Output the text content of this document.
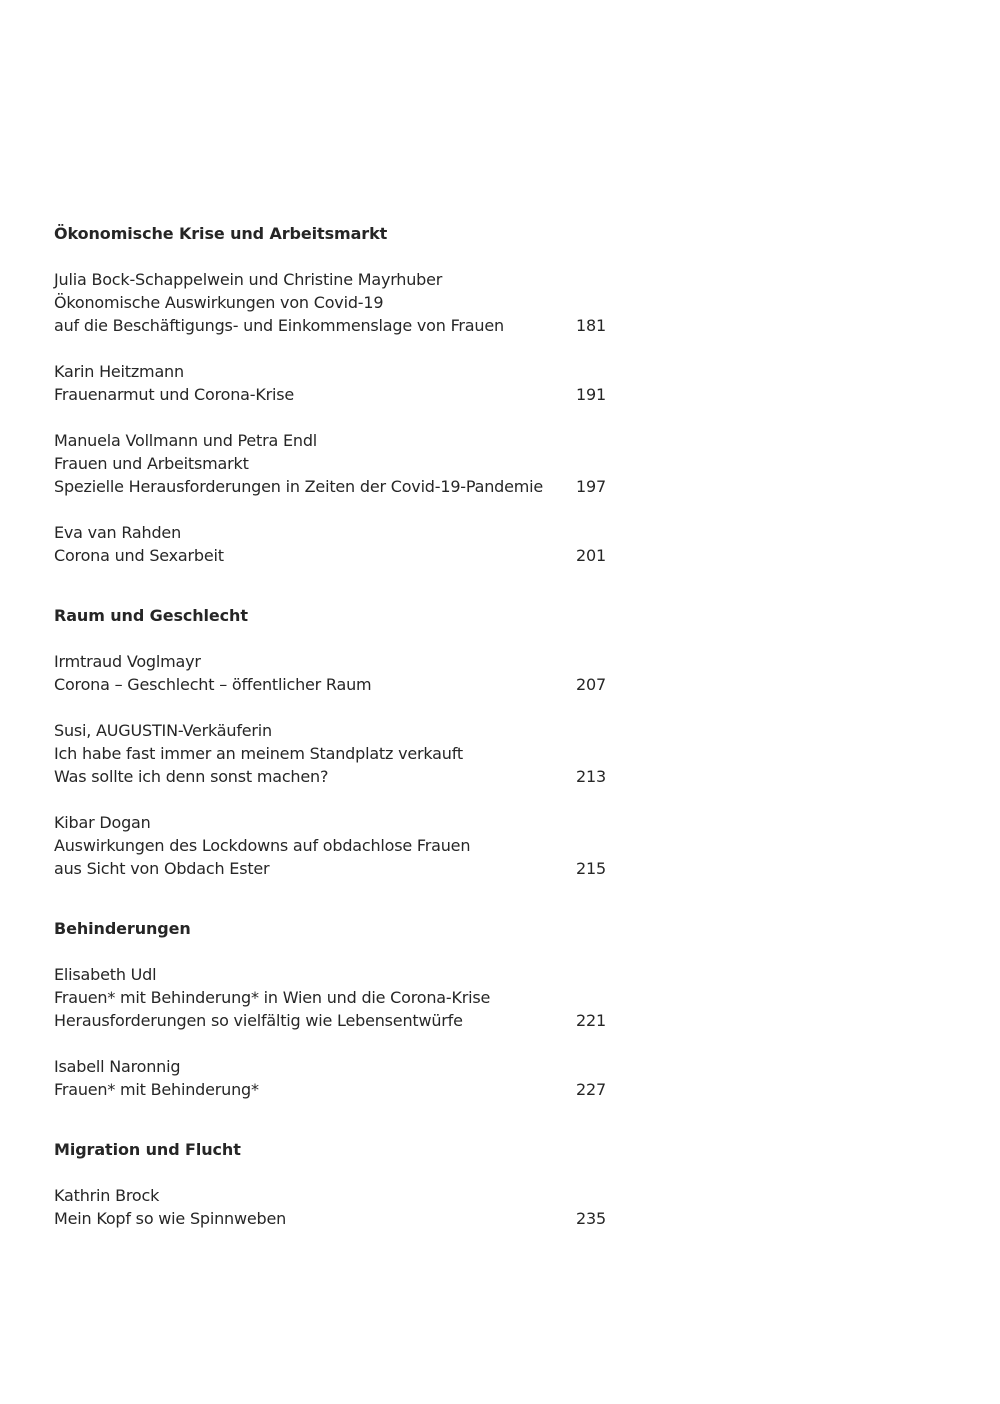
Ökonomische Krise und Arbeitsmarkt
Julia Bock-Schappelwein und Christine Mayrhuber
Ökonomische Auswirkungen von Covid-19
auf die Beschäftigungs- und Einkommenslage von Frauen	181
Karin Heitzmann
Frauenarmut und Corona-Krise	191
Manuela Vollmann und Petra Endl
Frauen und Arbeitsmarkt
Spezielle Herausforderungen in Zeiten der Covid-19-Pandemie 197
Eva van Rahden
Corona und Sexarbeit	201
Raum und Geschlecht
Irmtraud Voglmayr
Corona – Geschlecht – öffentlicher Raum	207
Susi, AUGUSTIN-Verkäuferin
Ich habe fast immer an meinem Standplatz verkauft
Was sollte ich denn sonst machen?	213
Kibar Dogan
Auswirkungen des Lockdowns auf obdachlose Frauen
aus Sicht von Obdach Ester	215
Behinderungen
Elisabeth Udl
Frauen* mit Behinderung* in Wien und die Corona-Krise
Herausforderungen so vielfältig wie Lebensentwürfe	221
Isabell Naronnig
Frauen* mit Behinderung*	227
Migration und Flucht
Kathrin Brock
Mein Kopf so wie Spinnweben	235
